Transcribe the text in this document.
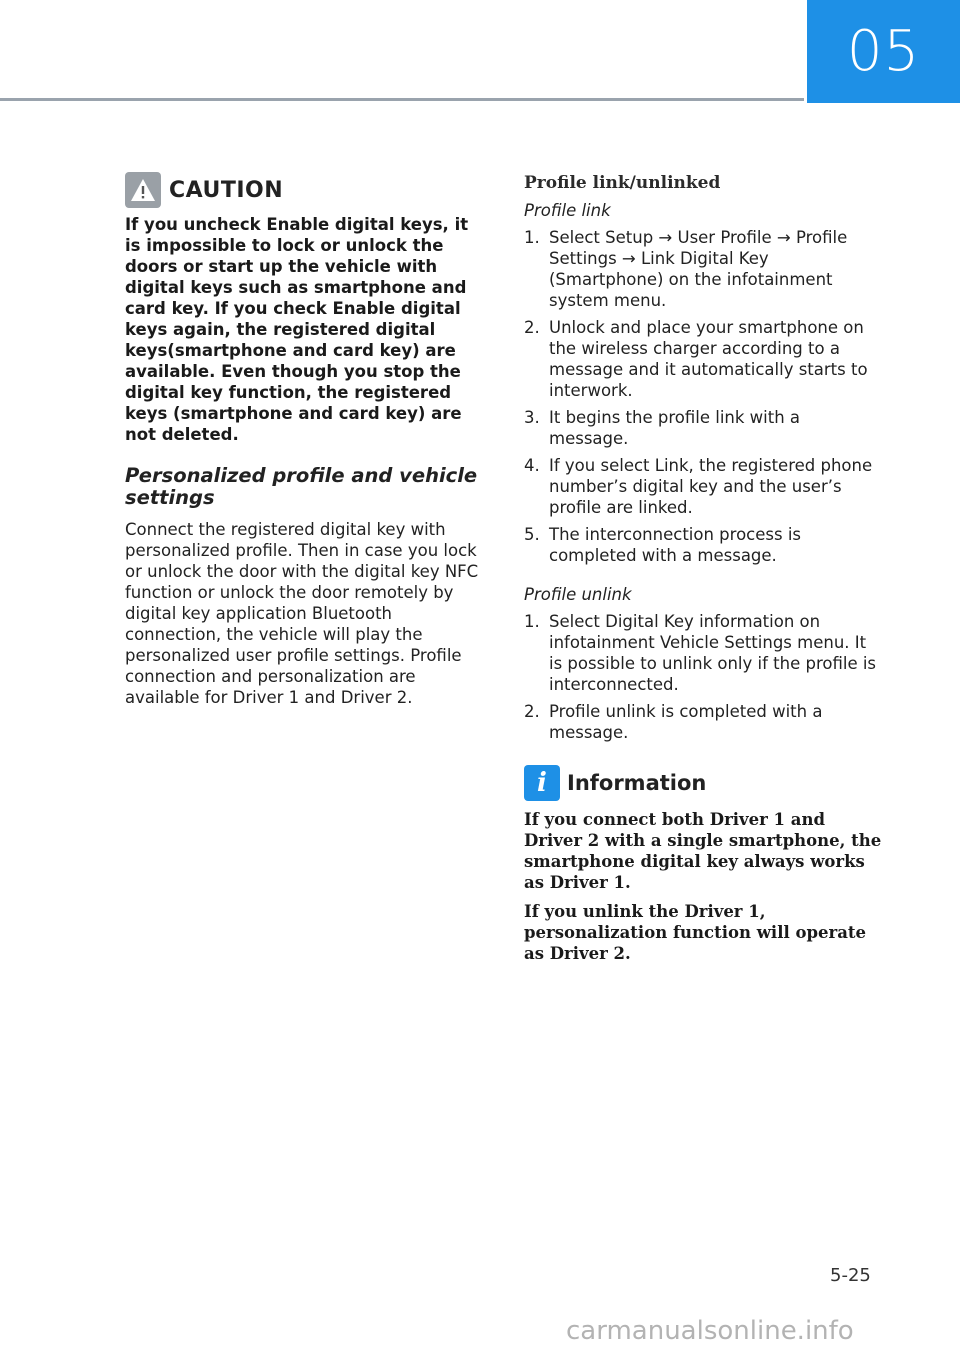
05
CAUTION

If you uncheck Enable digital keys, it is impossible to lock or unlock the doors or start up the vehicle with digital keys such as smartphone and card key. If you check Enable digital keys again, the registered digital keys(smartphone and card key) are available. Even though you stop the digital key function, the registered keys (smartphone and card key) are not deleted.

Personalized profile and vehicle settings

Connect the registered digital key with personalized profile. Then in case you lock or unlock the door with the digital key NFC function or unlock the door remotely by digital key application Bluetooth connection, the vehicle will play the personalized user profile settings. Profile connection and personalization are available for Driver 1 and Driver 2.

Profile link/unlinked

Profile link

1. Select Setup → User Profile → Profile Settings → Link Digital Key (Smartphone) on the infotainment system menu.
2. Unlock and place your smartphone on the wireless charger according to a message and it automatically starts to interwork.
3. It begins the profile link with a message.
4. If you select Link, the registered phone number’s digital key and the user’s profile are linked.
5. The interconnection process is completed with a message.

Profile unlink

1. Select Digital Key information on infotainment Vehicle Settings menu. It is possible to unlink only if the profile is interconnected.
2. Profile unlink is completed with a message.
i Information

If you connect both Driver 1 and Driver 2 with a single smartphone, the smartphone digital key always works as Driver 1.

If you unlink the Driver 1, personalization function will operate as Driver 2.

5-25
carmanualsonline.info
